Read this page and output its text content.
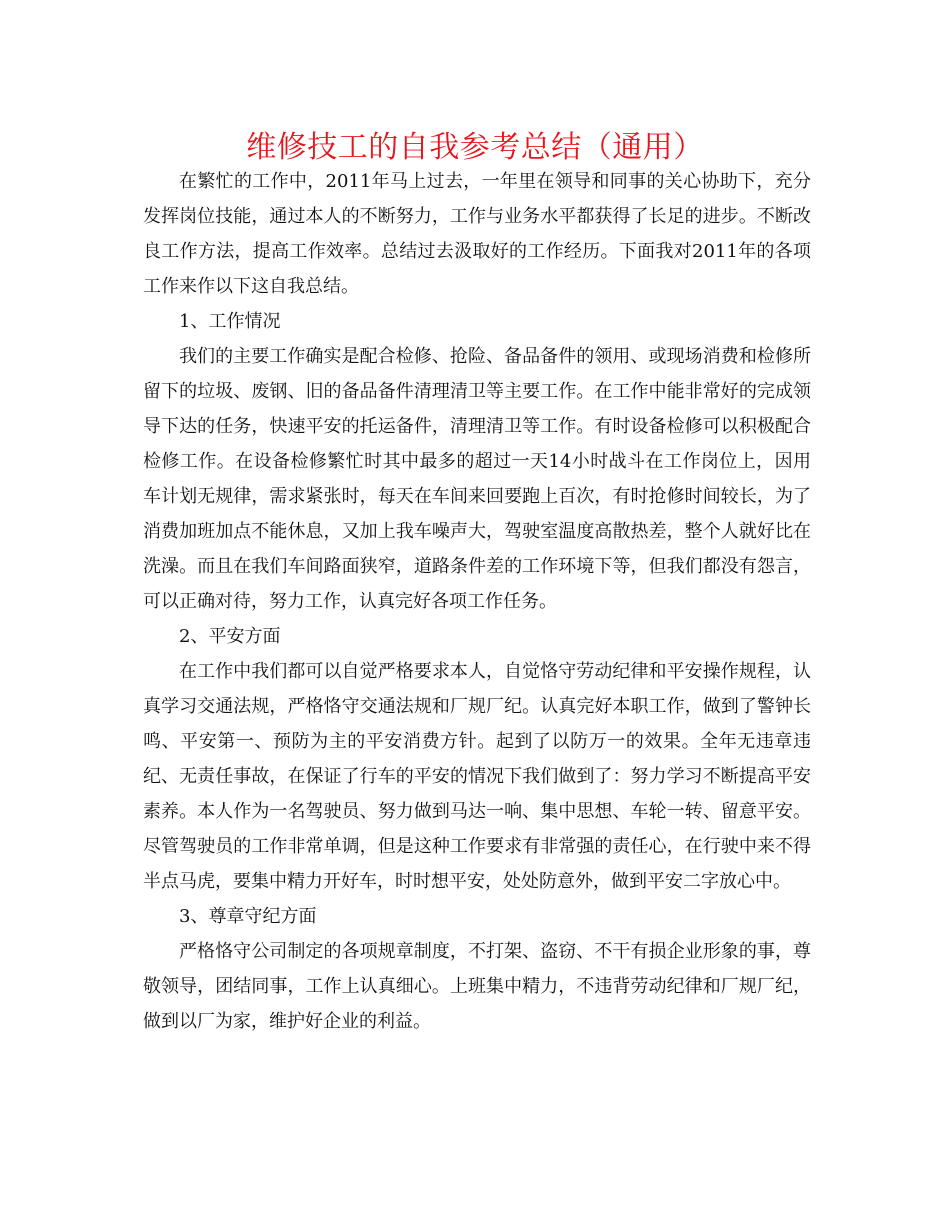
维修技工的自我参考总结（通用）

在繁忙的工作中，2011年马上过去，一年里在领导和同事的关心协助下，充分发挥岗位技能，通过本人的不断努力，工作与业务水平都获得了长足的进步。不断改良工作方法，提高工作效率。总结过去汲取好的工作经历。下面我对2011年的各项工作来作以下这自我总结。

1、工作情况

我们的主要工作确实是配合检修、抢险、备品备件的领用、或现场消费和检修所留下的垃圾、废钢、旧的备品备件清理清卫等主要工作。在工作中能非常好的完成领导下达的任务，快速平安的托运备件，清理清卫等工作。有时设备检修可以积极配合检修工作。在设备检修繁忙时其中最多的超过一天14小时战斗在工作岗位上，因用车计划无规律，需求紧张时，每天在车间来回要跑上百次，有时抢修时间较长，为了消费加班加点不能休息，又加上我车噪声大，驾驶室温度高散热差，整个人就好比在洗澡。而且在我们车间路面狭窄，道路条件差的工作环境下等，但我们都没有怨言，可以正确对待，努力工作，认真完好各项工作任务。

2、平安方面

在工作中我们都可以自觉严格要求本人，自觉恪守劳动纪律和平安操作规程，认真学习交通法规，严格恪守交通法规和厂规厂纪。认真完好本职工作，做到了警钟长鸣、平安第一、预防为主的平安消费方针。起到了以防万一的效果。全年无违章违纪、无责任事故，在保证了行车的平安的情况下我们做到了：努力学习不断提高平安素养。本人作为一名驾驶员、努力做到马达一响、集中思想、车轮一转、留意平安。尽管驾驶员的工作非常单调，但是这种工作要求有非常强的责任心，在行驶中来不得半点马虎，要集中精力开好车，时时想平安，处处防意外，做到平安二字放心中。

3、尊章守纪方面

严格恪守公司制定的各项规章制度，不打架、盗窃、不干有损企业形象的事，尊敬领导，团结同事，工作上认真细心。上班集中精力，不违背劳动纪律和厂规厂纪，做到以厂为家，维护好企业的利益。
